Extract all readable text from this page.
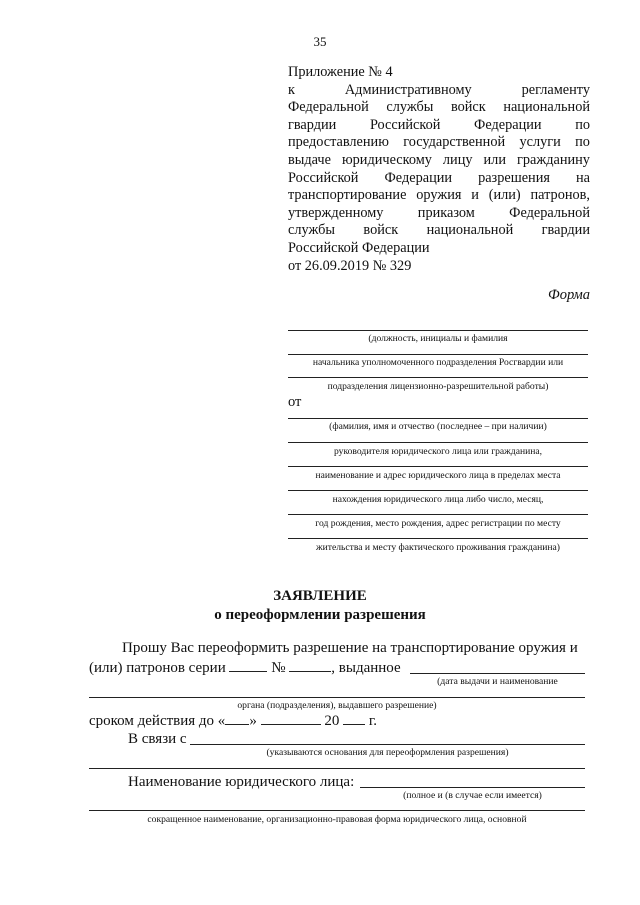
35
Приложение № 4
к	Административному	регламенту
Федеральной службы войск национальной
гвардии Российской Федерации по
предоставлению государственной услуги по
выдаче юридическому лицу или гражданину
Российской Федерации разрешения на
транспортирование оружия и (или) патронов,
утвержденному приказом Федеральной
службы войск национальной гвардии
Российской Федерации
от 26.09.2019 № 329
Форма
(должность, инициалы и фамилия
начальника уполномоченного подразделения Росгвардии или
подразделения лицензионно-разрешительной работы)
от
(фамилия, имя и отчество (последнее – при наличии)
руководителя юридического лица или гражданина,
наименование и адрес юридического лица в пределах места
нахождения юридического лица либо число, месяц,
год рождения, место рождения, адрес регистрации по месту
жительства и месту фактического проживания гражданина)
ЗАЯВЛЕНИЕ
о переоформлении разрешения
Прошу Вас переоформить разрешение на транспортирование оружия и
(или) патронов серии	№	, выданное
(дата выдачи и наименование
органа (подразделения), выдавшего разрешение)
сроком действия до « »	20 г.
В связи с
(указываются основания для переоформления разрешения)
Наименование юридического лица:
(полное и (в случае если имеется)
сокращенное наименование, организационно-правовая форма юридического лица, основной
